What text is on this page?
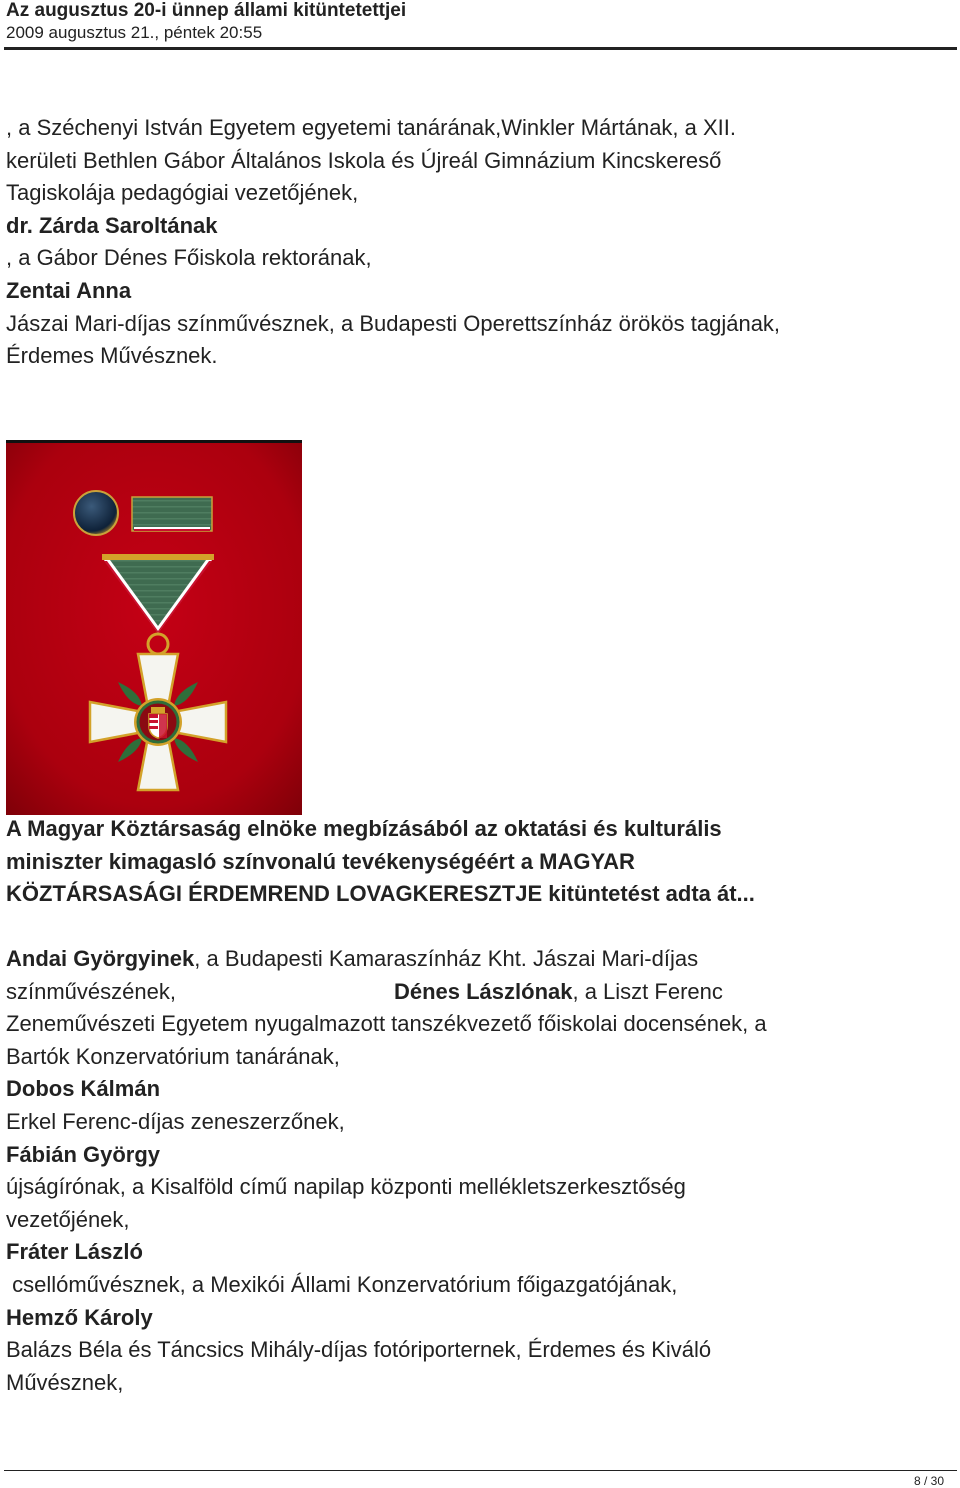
Az augusztus 20-i ünnep állami kitüntetettjei
2009 augusztus 21., péntek 20:55

, a Széchenyi István Egyetem egyetemi tanárának,Winkler Mártának, a XII.

kerületi Bethlen Gábor Általános Iskola és Újreál Gimnázium Kincskereső

Tagiskolája pedagógiai vezetőjének,

dr. Zárda Saroltának

, a Gábor Dénes Főiskola rektorának,

Zentai Anna

Jászai Mari-díjas színművésznek, a Budapesti Operettszínház örökös tagjának,

Érdemes Művésznek.

A Magyar Köztársaság elnöke megbízásából az oktatási és kulturális

miniszter kimagasló színvonalú tevékenységéért a MAGYAR

KÖZTÁRSASÁGI ÉRDEMREND LOVAGKERESZTJE kitüntetést adta át...

Andai Györgyinek, a Budapesti Kamaraszínház Kht. Jászai Mari-díjas

színművészének,	Dénes Lászlónak, a Liszt Ferenc

Zeneművészeti Egyetem nyugalmazott tanszékvezető főiskolai docensének, a

Bartók Konzervatórium tanárának,

Dobos Kálmán

Erkel Ferenc-díjas zeneszerzőnek,

Fábián György

újságírónak, a Kisalföld című napilap központi mellékletszerkesztőség

vezetőjének,

Fráter László

csellóművésznek, a Mexikói Állami Konzervatórium főigazgatójának,

Hemző Károly

Balázs Béla és Táncsics Mihály-díjas fotóriporternek, Érdemes és Kiváló

Művésznek,

8 / 30
